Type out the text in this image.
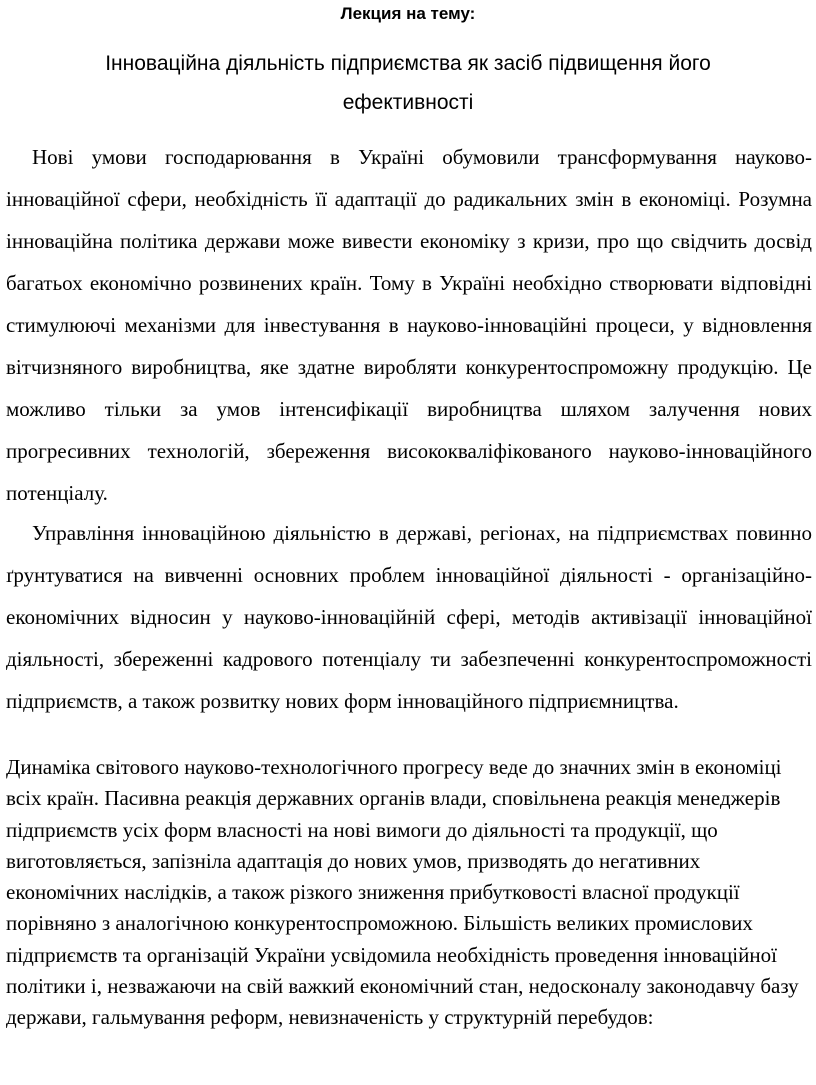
Лекция на тему:
Інноваційна діяльність підприємства як засіб підвищення його ефективності

Нові умови господарювання в Україні обумовили трансформування науково-інноваційної сфери, необхідність її адаптації до радикальних змін в економіці. Розумна інноваційна політика держави може вивести економіку з кризи, про що свідчить досвід багатьох економічно розвинених країн. Тому в Україні необхідно створювати відповідні стимулюючі механізми для інвестування в науково-інноваційні процеси, у відновлення вітчизняного виробництва, яке здатне виробляти конкурентоспроможну продукцію. Це можливо тільки за умов інтенсифікації виробництва шляхом залучення нових прогресивних технологій, збереження висококваліфікованого науково-інноваційного потенціалу.

Управління інноваційною діяльністю в державі, регіонах, на підприємствах повинно ґрунтуватися на вивченні основних проблем інноваційної діяльності - організаційно-економічних відносин у науково-інноваційній сфері, методів активізації інноваційної діяльності, збереженні кадрового потенціалу ти забезпеченні конкурентоспроможності підприємств, а також розвитку нових форм інноваційного підприємництва.

Динаміка світового науково-технологічного прогресу веде до значних змін в економіці всіх країн. Пасивна реакція державних органів влади, сповільнена реакція менеджерів підприємств усіх форм власності на нові вимоги до діяльності та продукції, що виготовляється, запізніла адаптація до нових умов, призводять до негативних економічних наслідків, а також різкого зниження прибутковості власної продукції порівняно з аналогічною конкурентоспроможною. Більшість великих промислових підприємств та організацій України усвідомила необхідність проведення інноваційної політики і, незважаючи на свій важкий економічний стан, недосконалу законодавчу базу держави, гальмування реформ, невизначеність у структурній перебудов:
